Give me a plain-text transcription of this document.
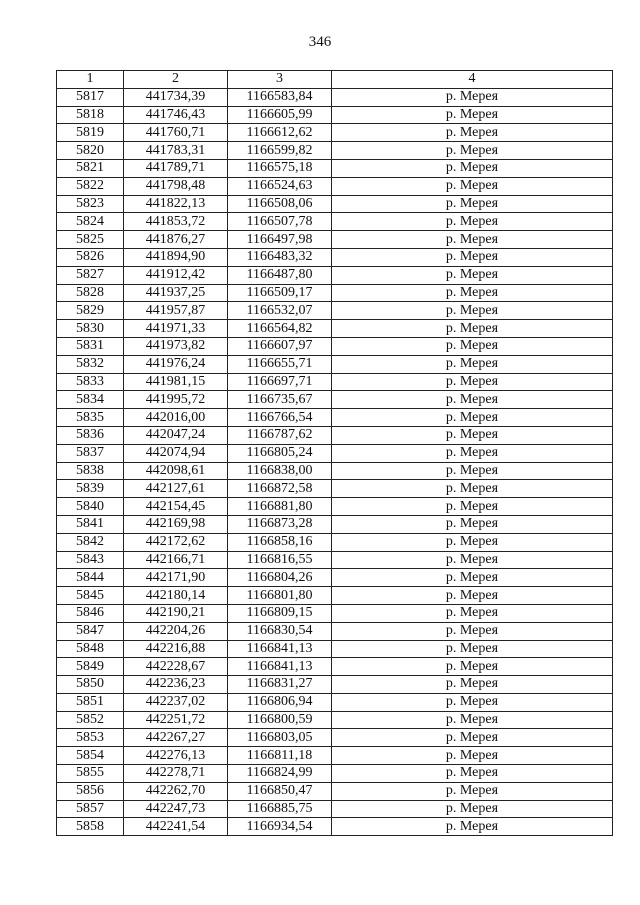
346
1	2	3	4
5817	441734,39	1166583,84	р. Мерея
5818	441746,43	1166605,99	р. Мерея
5819	441760,71	1166612,62	р. Мерея
5820	441783,31	1166599,82	р. Мерея
5821	441789,71	1166575,18	р. Мерея
5822	441798,48	1166524,63	р. Мерея
5823	441822,13	1166508,06	р. Мерея
5824	441853,72	1166507,78	р. Мерея
5825	441876,27	1166497,98	р. Мерея
5826	441894,90	1166483,32	р. Мерея
5827	441912,42	1166487,80	р. Мерея
5828	441937,25	1166509,17	р. Мерея
5829	441957,87	1166532,07	р. Мерея
5830	441971,33	1166564,82	р. Мерея
5831	441973,82	1166607,97	р. Мерея
5832	441976,24	1166655,71	р. Мерея
5833	441981,15	1166697,71	р. Мерея
5834	441995,72	1166735,67	р. Мерея
5835	442016,00	1166766,54	р. Мерея
5836	442047,24	1166787,62	р. Мерея
5837	442074,94	1166805,24	р. Мерея
5838	442098,61	1166838,00	р. Мерея
5839	442127,61	1166872,58	р. Мерея
5840	442154,45	1166881,80	р. Мерея
5841	442169,98	1166873,28	р. Мерея
5842	442172,62	1166858,16	р. Мерея
5843	442166,71	1166816,55	р. Мерея
5844	442171,90	1166804,26	р. Мерея
5845	442180,14	1166801,80	р. Мерея
5846	442190,21	1166809,15	р. Мерея
5847	442204,26	1166830,54	р. Мерея
5848	442216,88	1166841,13	р. Мерея
5849	442228,67	1166841,13	р. Мерея
5850	442236,23	1166831,27	р. Мерея
5851	442237,02	1166806,94	р. Мерея
5852	442251,72	1166800,59	р. Мерея
5853	442267,27	1166803,05	р. Мерея
5854	442276,13	1166811,18	р. Мерея
5855	442278,71	1166824,99	р. Мерея
5856	442262,70	1166850,47	р. Мерея
5857	442247,73	1166885,75	р. Мерея
5858	442241,54	1166934,54	р. Мерея
